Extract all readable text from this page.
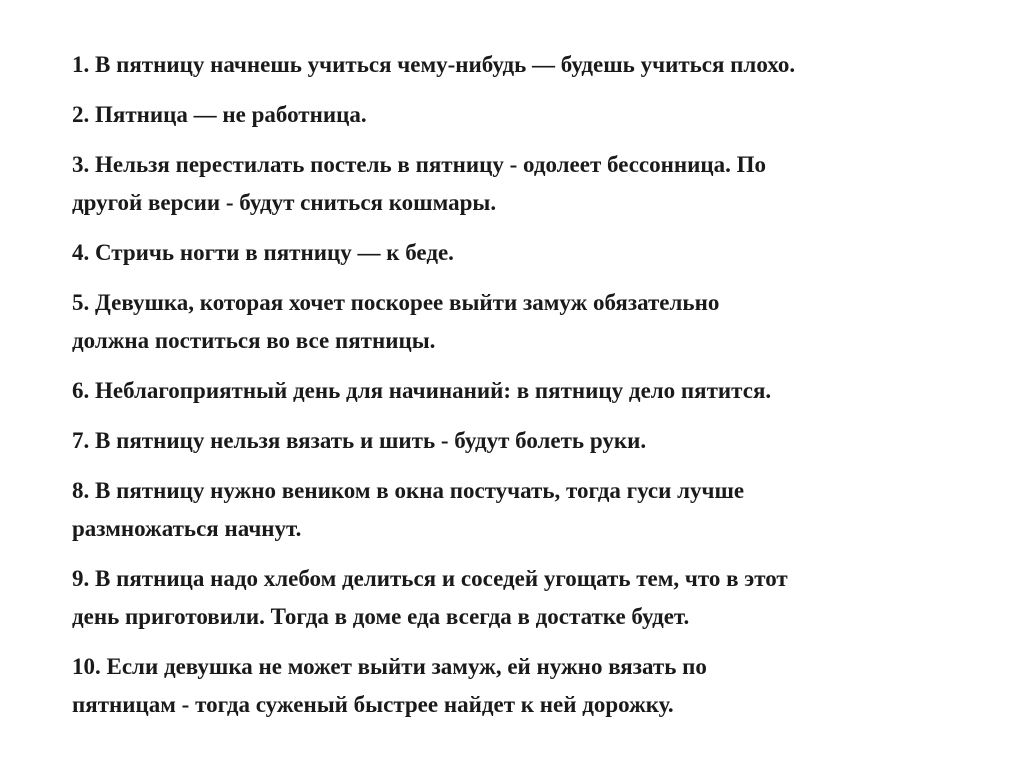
1. В пятницу начнешь учиться чему-нибудь — будешь учиться плохо.
2. Пятница — не работница.
3. Нельзя перестилать постель в пятницу - одолеет бессонница. По
другой версии - будут сниться кошмары.
4. Стричь ногти в пятницу — к беде.
5. Девушка, которая хочет поскорее выйти замуж обязательно
должна поститься во все пятницы.
6. Неблагоприятный день для начинаний: в пятницу дело пятится.
7. В пятницу нельзя вязать и шить - будут болеть руки.
8. В пятницу нужно веником в окна постучать, тогда гуси лучше
размножаться начнут.
9. В пятница надо хлебом делиться и соседей угощать тем, что в этот
день приготовили. Тогда в доме еда всегда в достатке будет.
10. Если девушка не может выйти замуж, ей нужно вязать по
пятницам - тогда суженый быстрее найдет к ней дорожку.
